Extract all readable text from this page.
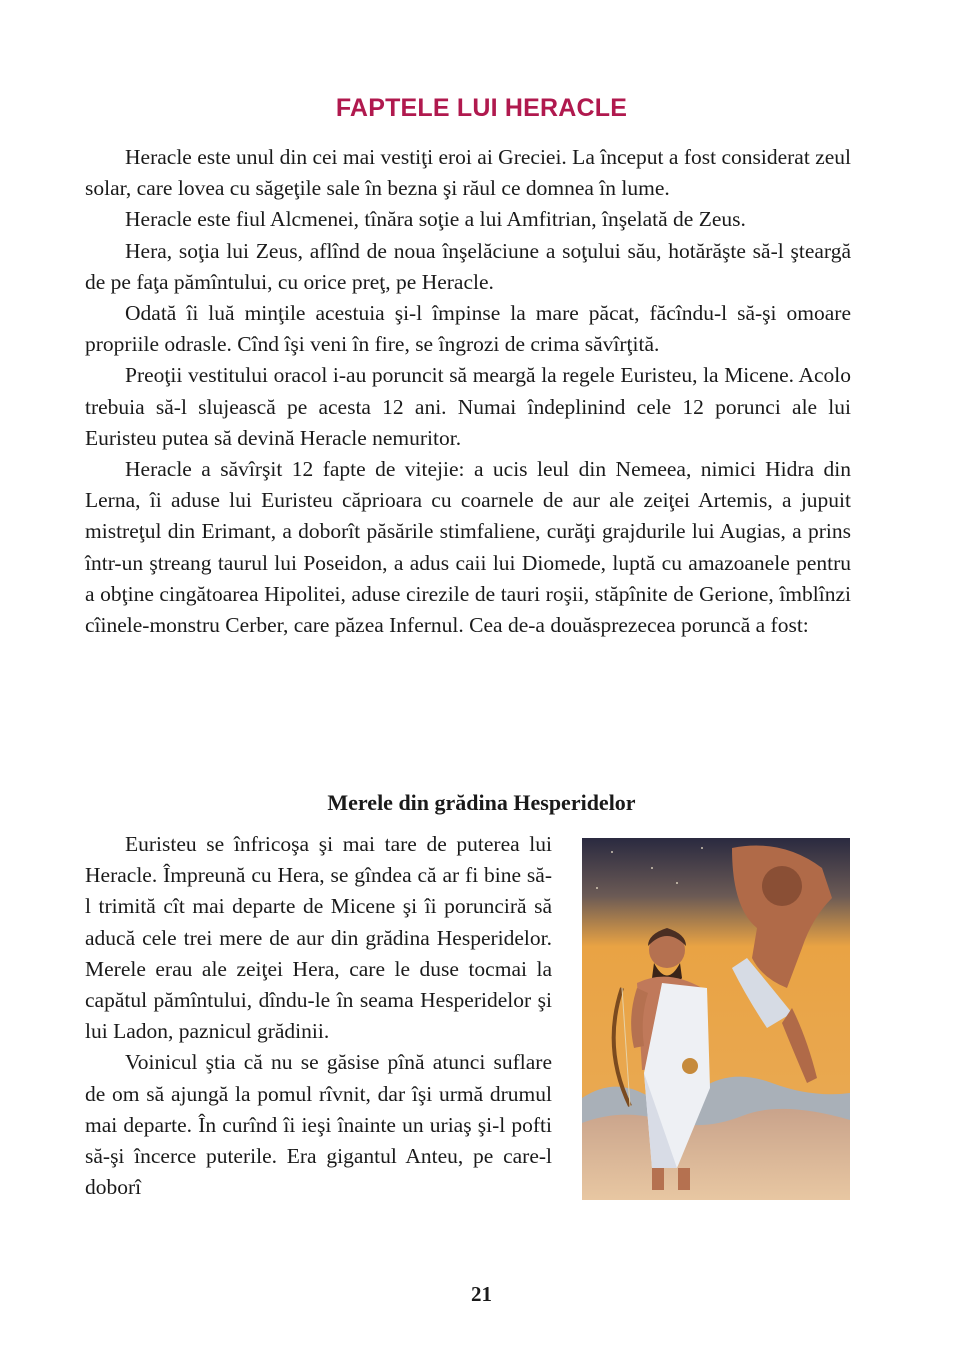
FAPTELE LUI HERACLE

Heracle este unul din cei mai vestiţi eroi ai Greciei. La început a fost considerat zeul solar, care lovea cu săgeţile sale în bezna şi răul ce domnea în lume.

Heracle este fiul Alcmenei, tînăra soţie a lui Amfitrian, înşelată de Zeus.

Hera, soţia lui Zeus, aflînd de noua înşelăciune a soţului său, hotărăşte să-l şteargă de pe faţa pămîntului, cu orice preţ, pe Heracle.

Odată îi luă minţile acestuia şi-l împinse la mare păcat, făcîndu-l să-şi omoare propriile odrasle. Cînd îşi veni în fire, se îngrozi de crima săvîrţită.

Preoţii vestitului oracol i-au poruncit să meargă la regele Euristeu, la Micene. Acolo trebuia să-l slujească pe acesta 12 ani. Numai îndeplinind cele 12 porunci ale lui Euristeu putea să devină Heracle nemuritor.

Heracle a săvîrşit 12 fapte de vitejie: a ucis leul din Nemeea, nimici Hidra din Lerna, îi aduse lui Euristeu căprioara cu coarnele de aur ale zeiţei Artemis, a jupuit mistreţul din Erimant, a doborît păsările stimfaliene, curăţi grajdurile lui Augias, a prins într-un ştreang taurul lui Poseidon, a adus caii lui Diomede, luptă cu amazoanele pentru a obţine cingătoarea Hipolitei, aduse cirezile de tauri roşii, stăpînite de Gerione, îmblînzi cîinele-monstru Cerber, care păzea Infernul. Cea de-a douăsprezecea poruncă a fost:

Merele din grădina Hesperidelor

Euristeu se înfricoşa şi mai tare de puterea lui Heracle. Împreună cu Hera, se gîndea că ar fi bine să-l trimită cît mai departe de Micene şi îi porunciră să aducă cele trei mere de aur din grădina Hesperidelor. Merele erau ale zeiţei Hera, care le duse tocmai la capătul pămîntului, dîndu-le în seama Hesperidelor şi lui Ladon, paznicul grădinii.

Voinicul ştia că nu se găsise pînă atunci suflare de om să ajungă la pomul rîvnit, dar îşi urmă drumul mai departe. În curînd îi ieşi înainte un uriaş şi-l pofti să-şi încerce puterile. Era gigantul Anteu, pe care-l doborî

21
